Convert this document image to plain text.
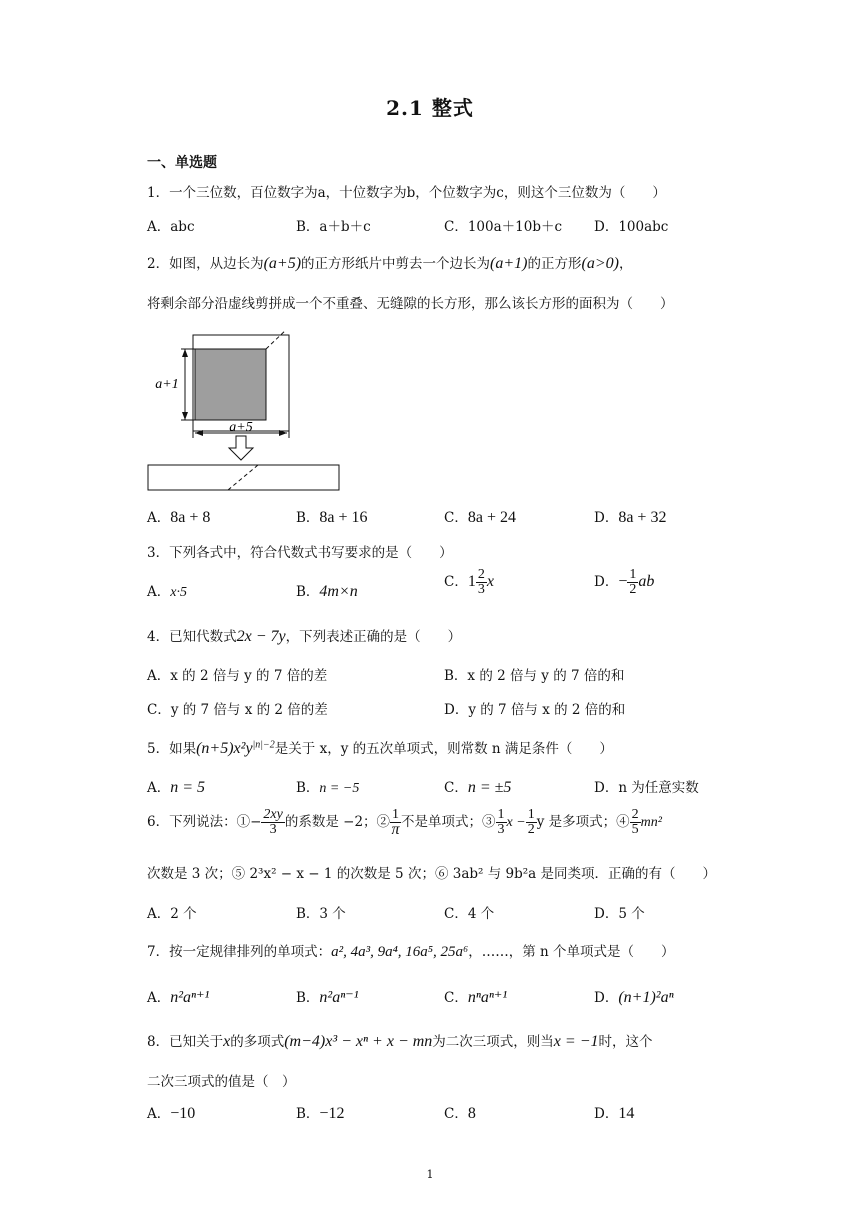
2.1 整式
一、单选题
1．一个三位数，百位数字为a，十位数字为b，个位数字为c，则这个三位数为（　　）
A．abc	B．a＋b＋c	C．100a＋10b＋c D．100abc
2．如图，从边长为(a+5)的正方形纸片中剪去一个边长为(a+1)的正方形(a>0)，
将剩余部分沿虚线剪拼成一个不重叠、无缝隙的长方形，那么该长方形的面积为（　　）
a+1
a+5
A．8a + 8	B．8a + 16	C．8a + 24	D．8a + 32
3．下列各式中，符合代数式书写要求的是（　　）
A．x·5	B．4m×n
C．$1 \frac{2}{3}$ x	D．− $\frac{1}{2}$ ab
4．已知代数式2x − 7y，下列表述正确的是（　　）
A．x 的 2 倍与 y 的 7 倍的差	B．x 的 2 倍与 y 的 7 倍的和
C．y 的 7 倍与 x 的 2 倍的差	D．y 的 7 倍与 x 的 2 倍的和
5．如果$(n+5)x^2y^{|n|-2}$是关于 x，y 的五次单项式，则常数 n 满足条件（　　）
A．n = 5	B．n = −5	C．n = ±5	D．n 为任意实数
6．下列说法：①− $\frac{2xy}{3}$ 的系数是 −2；② $\frac{1}{\pi}$ 不是单项式；③ $\frac{1}{3}$ $x - \frac{1}{2}$ y 是多项式；④ $\frac{2}{5} mn^2$
次数是 3 次；⑤ 2³x² − x − 1 的次数是 5 次；⑥ 3ab² 与 9b²a 是同类项．正确的有（　　）
A．2 个	B．3 个	C．4 个	D．5 个
7．按一定规律排列的单项式：a², 4a³, 9a⁴, 16a⁵, 25a⁶，……，第 n 个单项式是（　　）
A．n²aⁿ⁺¹	B．n²aⁿ⁻¹	C．nⁿaⁿ⁺¹	D．(n+1)²aⁿ
8．已知关于x的多项式(m−4)x³ − xⁿ + x − mn为二次三项式，则当x = −1时，这个
二次三项式的值是（　）
A．−10	B．−12	C．8	D．14
1
